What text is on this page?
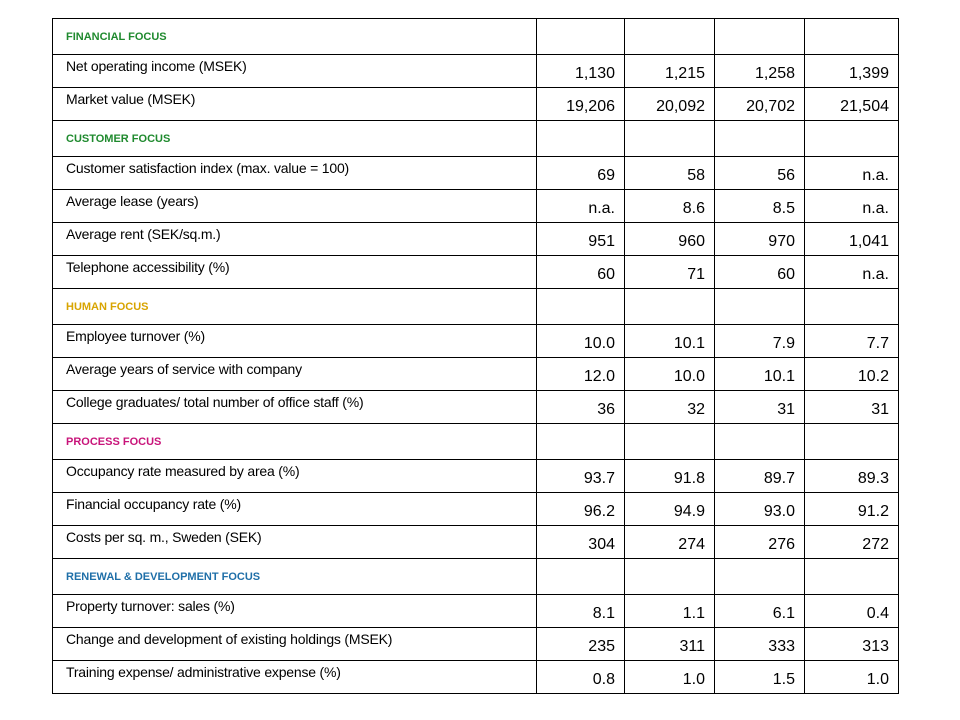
FINANCIAL FOCUS				
Net operating income (MSEK)	1,130	1,215	1,258	1,399
Market value (MSEK)	19,206	20,092	20,702	21,504
CUSTOMER FOCUS				
Customer satisfaction index (max. value = 100)	69	58	56	n.a.
Average lease (years)	n.a.	8.6	8.5	n.a.
Average rent (SEK/sq.m.)	951	960	970	1,041
Telephone accessibility (%)	60	71	60	n.a.
HUMAN FOCUS				
Employee turnover (%)	10.0	10.1	7.9	7.7
Average years of service with company	12.0	10.0	10.1	10.2
College graduates/ total number of office staff (%)	36	32	31	31
PROCESS FOCUS				
Occupancy rate measured by area (%)	93.7	91.8	89.7	89.3
Financial occupancy rate (%)	96.2	94.9	93.0	91.2
Costs per sq. m., Sweden (SEK)	304	274	276	272
RENEWAL & DEVELOPMENT FOCUS				
Property turnover: sales (%)	8.1	1.1	6.1	0.4
Change and development of existing holdings (MSEK)	235	311	333	313
Training expense/ administrative expense (%)	0.8	1.0	1.5	1.0
